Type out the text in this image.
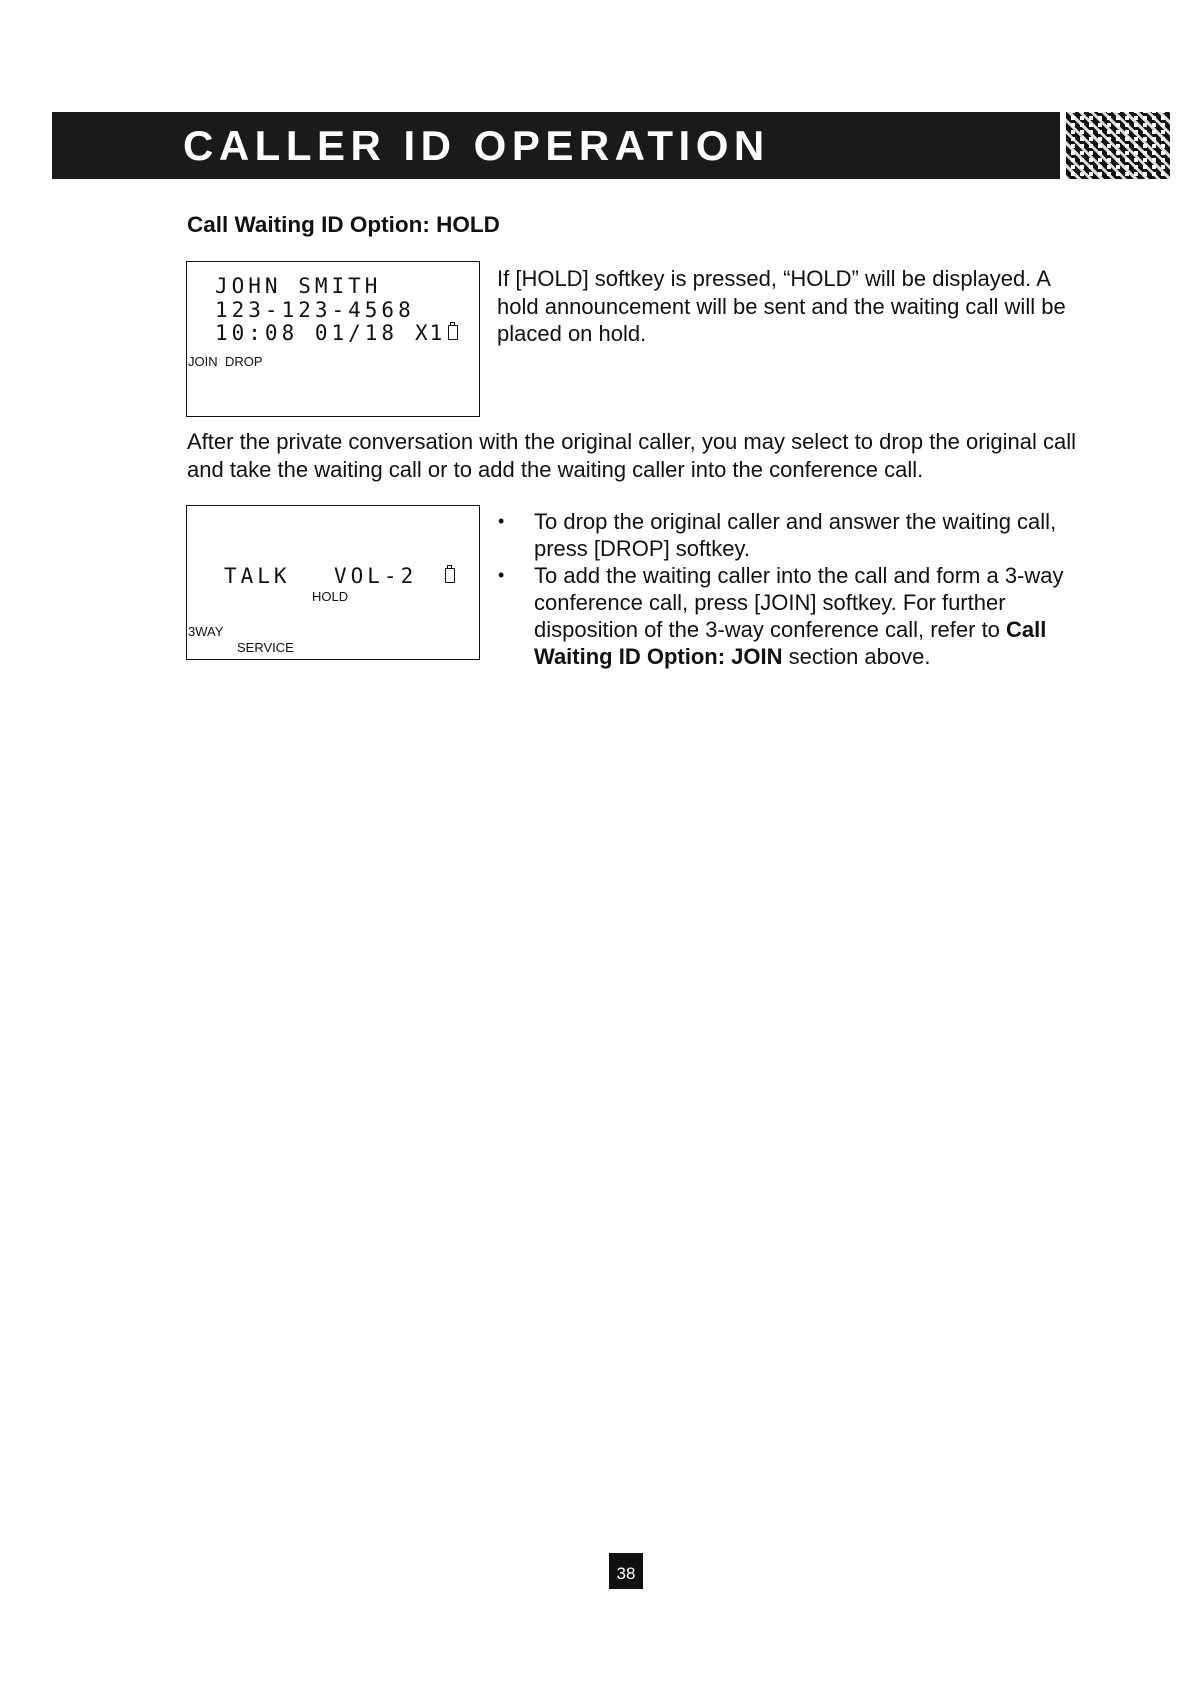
CALLER ID OPERATION
Call Waiting ID Option: HOLD
JOHN SMITH
123-123-4568
10:08 01/18 X1
JOIN DROP
If [HOLD] softkey is pressed, “HOLD” will be displayed. A hold announcement will be sent and the waiting call will be placed on hold.
After the private conversation with the original caller, you may select to drop the original call and take the waiting call or to add the waiting caller into the conference call.
TALK VOL-2
HOLD
3WAY
SERVICE
• To drop the original caller and answer the waiting call, press [DROP] softkey.
• To add the waiting caller into the call and form a 3-way conference call, press [JOIN] softkey. For further disposition of the 3-way conference call, refer to Call Waiting ID Option: JOIN section above.
38
